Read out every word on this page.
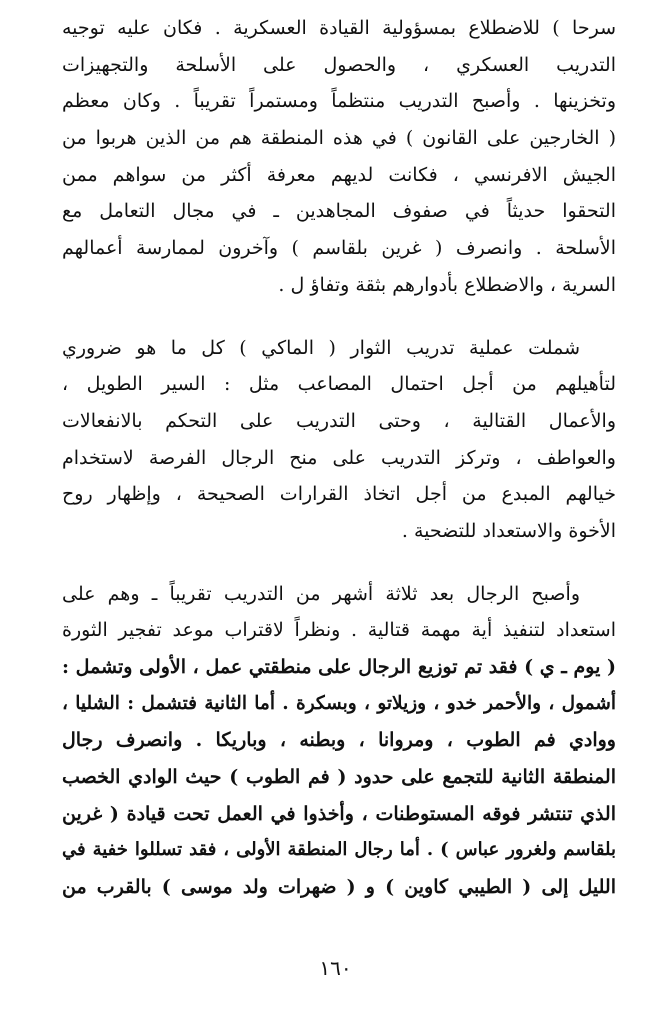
سرحا ) للاضطلاع بمسؤولية القيادة العسكرية . فكان عليه توجيه
التدريب العسكري ، والحصول على الأسلحة والتجهيزات
وتخزينها . وأصبح التدريب منتظماً ومستمراً تقريباً . وكان معظم
( الخارجين على القانون ) في هذه المنطقة هم من الذين هربوا من
الجيش الافرنسي ، فكانت لديهم معرفة أكثر من سواهم ممن
التحقوا حديثاً في صفوف المجاهدين ـ في مجال التعامل مع
الأسلحة . وانصرف ( غرين بلقاسم ) وآخرون لممارسة أعمالهم
السرية ، والاضطلاع بأدوارهم بثقة وتفاؤ ل .
شملت عملية تدريب الثوار ( الماكي ) كل ما هو ضروري
لتأهيلهم من أجل احتمال المصاعب مثل : السير الطويل ،
والأعمال القتالية ، وحتى التدريب على التحكم بالانفعالات
والعواطف ، وتركز التدريب على منح الرجال الفرصة لاستخدام
خيالهم المبدع من أجل اتخاذ القرارات الصحيحة ، وإظهار روح
الأخوة والاستعداد للتضحية .
وأصبح الرجال بعد ثلاثة أشهر من التدريب تقريباً ـ وهم على
استعداد لتنفيذ أية مهمة قتالية . ونظراً لاقتراب موعد تفجير الثورة
( يوم ـ ي ) فقد تم توزيع الرجال على منطقتي عمل ، الأولى وتشمل :
أشمول ، والأحمر خدو ، وزيلاتو ، وبسكرة . أما الثانية فتشمل : الشليا ،
ووادي فم الطوب ، ومروانا ، وبطنه ، وباريكا . وانصرف رجال
المنطقة الثانية للتجمع على حدود ( فم الطوب ) حيث الوادي الخصب
الذي تنتشر فوقه المستوطنات ، وأخذوا في العمل تحت قيادة ( غرين
بلقاسم ولغرور عباس ) . أما رجال المنطقة الأولى ، فقد تسللوا خفية في
الليل إلى ( الطيبي كاوين ) و ( ضهرات ولد موسى ) بالقرب من
١٦٠
